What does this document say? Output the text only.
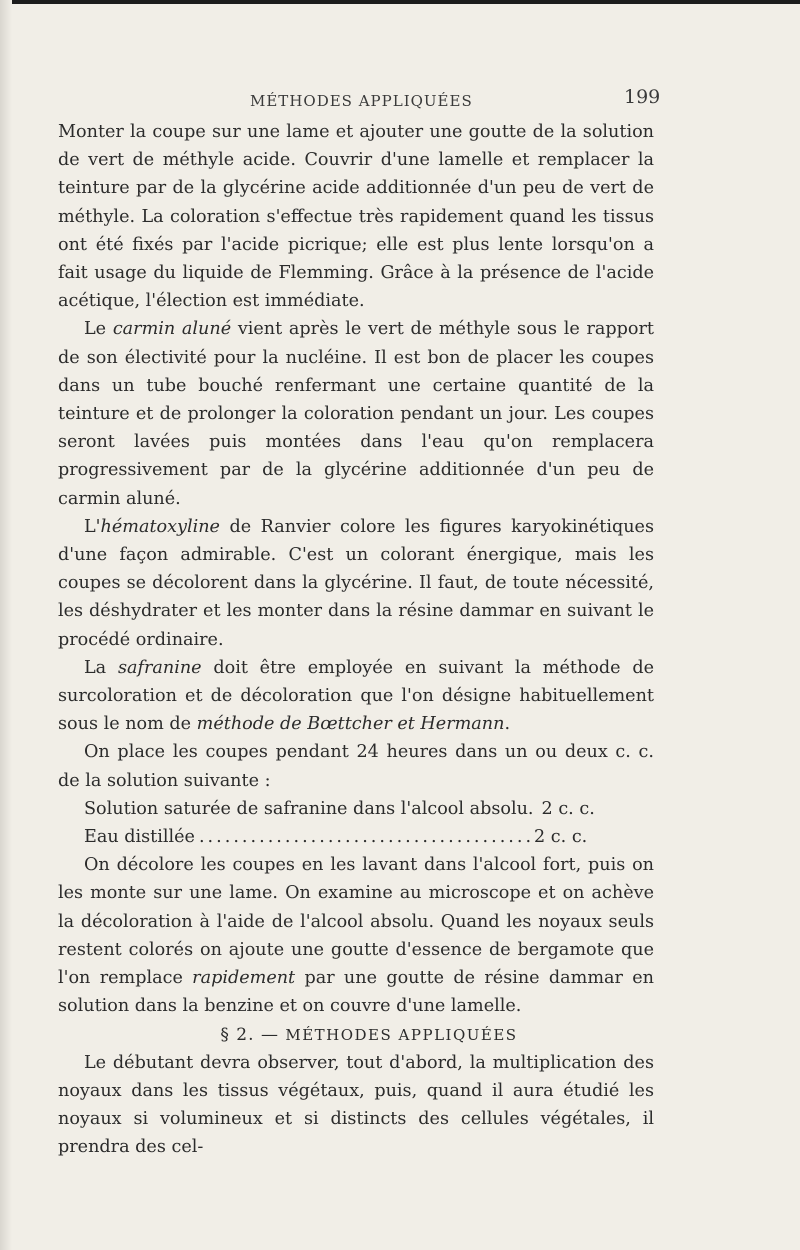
MÉTHODES APPLIQUÉES	199

Monter la coupe sur une lame et ajouter une goutte de la solution de vert de méthyle acide. Couvrir d'une lamelle et remplacer la teinture par de la glycérine acide additionnée d'un peu de vert de méthyle. La coloration s'effectue très rapidement quand les tissus ont été fixés par l'acide picrique; elle est plus lente lorsqu'on a fait usage du liquide de Flemming. Grâce à la présence de l'acide acétique, l'élection est immédiate.

Le carmin aluné vient après le vert de méthyle sous le rapport de son électivité pour la nucléine. Il est bon de placer les coupes dans un tube bouché renfermant une certaine quantité de la teinture et de prolonger la coloration pendant un jour. Les coupes seront lavées puis montées dans l'eau qu'on remplacera progressivement par de la glycérine additionnée d'un peu de carmin aluné.

L'hématoxyline de Ranvier colore les figures karyokinétiques d'une façon admirable. C'est un colorant énergique, mais les coupes se décolorent dans la glycérine. Il faut, de toute nécessité, les déshydrater et les monter dans la résine dammar en suivant le procédé ordinaire.

La safranine doit être employée en suivant la méthode de surcoloration et de décoloration que l'on désigne habituellement sous le nom de méthode de Bœttcher et Hermann.

On place les coupes pendant 24 heures dans un ou deux c. c. de la solution suivante :

Solution saturée de safranine dans l'alcool absolu. 2 c. c.
Eau distillée
.....	2 c. c.

On décolore les coupes en les lavant dans l'alcool fort, puis on les monte sur une lame. On examine au microscope et on achève la décoloration à l'aide de l'alcool absolu. Quand les noyaux seuls restent colorés on ajoute une goutte d'essence de bergamote que l'on remplace rapidement par une goutte de résine dammar en solution dans la benzine et on couvre d'une lamelle.

§ 2. — MÉTHODES APPLIQUÉES

Le débutant devra observer, tout d'abord, la multiplication des noyaux dans les tissus végétaux, puis, quand il aura étudié les noyaux si volumineux et si distincts des cellules végétales, il prendra des cel-
